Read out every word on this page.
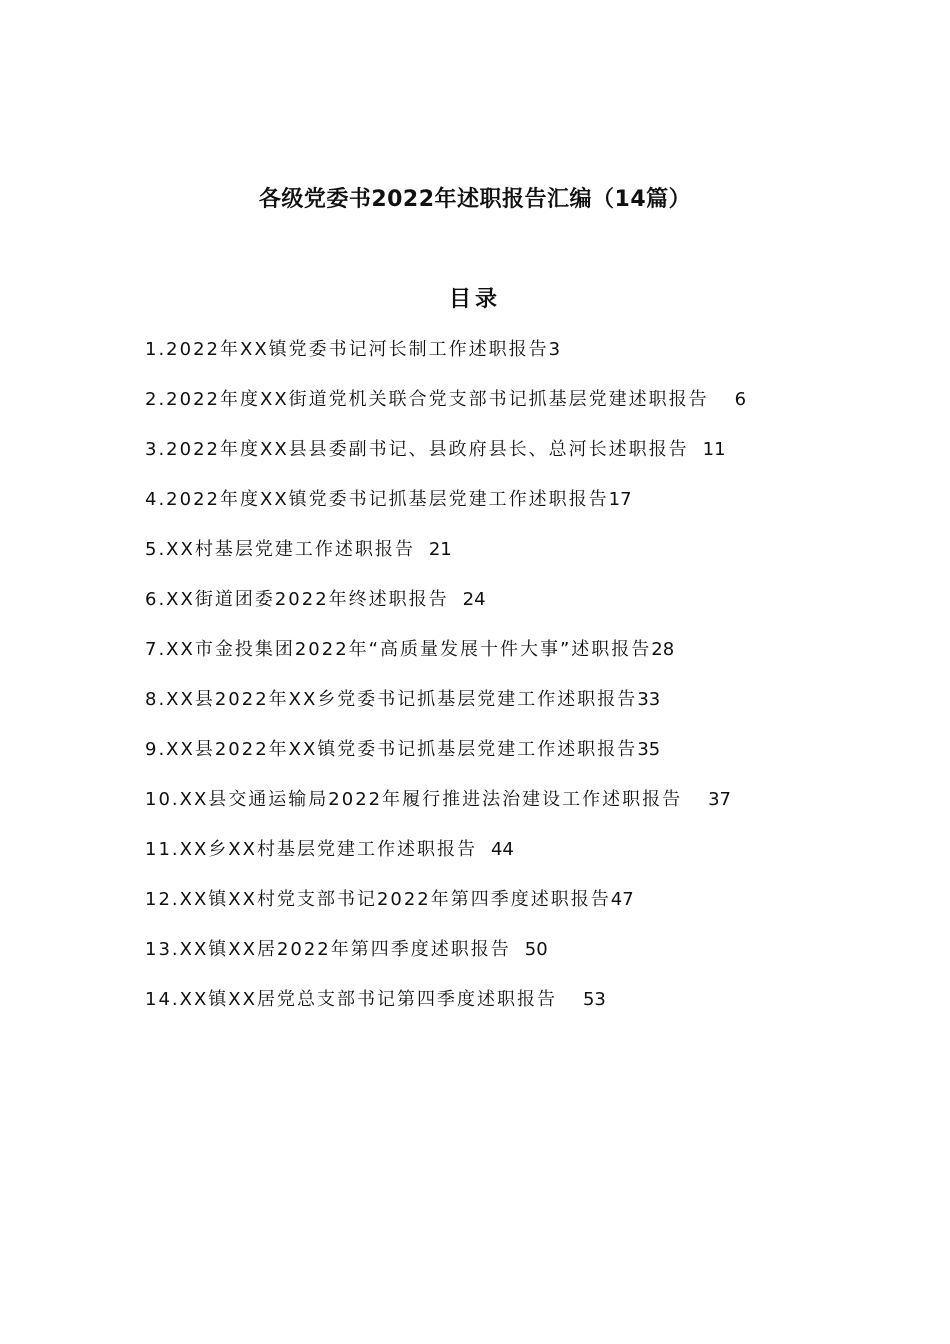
各级党委书2022年述职报告汇编（14篇）
目录
1.2022年XX镇党委书记河长制工作述职报告 3
2.2022年度XX街道党机关联合党支部书记抓基层党建述职报告 6
3.2022年度XX县县委副书记、县政府县长、总河长述职报告 11
4.2022年度XX镇党委书记抓基层党建工作述职报告 17
5.XX村基层党建工作述职报告 21
6.XX街道团委2022年终述职报告 24
7.XX市金投集团2022年“高质量发展十件大事”述职报告 28
8.XX县2022年XX乡党委书记抓基层党建工作述职报告 33
9.XX县2022年XX镇党委书记抓基层党建工作述职报告 35
10.XX县交通运输局2022年履行推进法治建设工作述职报告 37
11.XX乡XX村基层党建工作述职报告 44
12.XX镇XX村党支部书记2022年第四季度述职报告 47
13.XX镇XX居2022年第四季度述职报告 50
14.XX镇XX居党总支部书记第四季度述职报告 53
